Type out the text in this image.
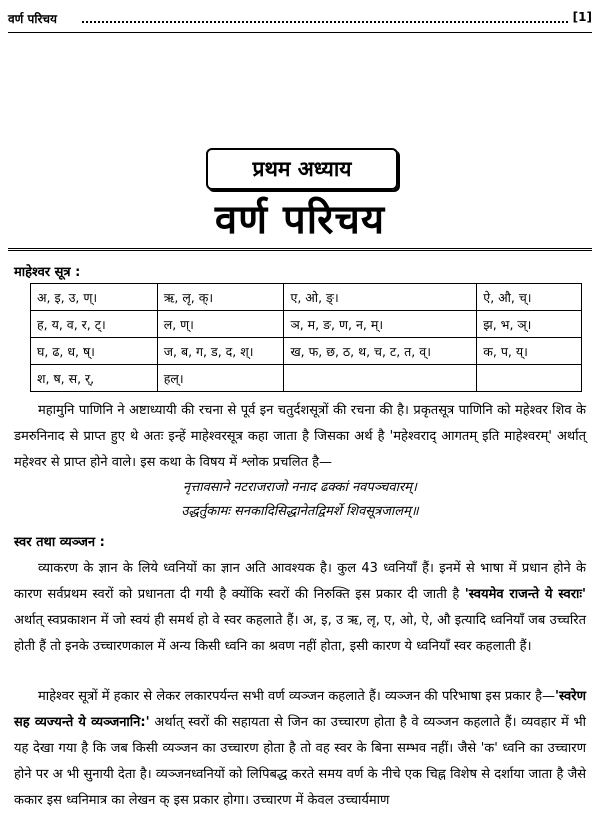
वर्ण परिचय	[1]
प्रथम अध्याय
वर्ण परिचय
माहेश्वर सूत्र :
अ, इ, उ, ण्।	ऋ, लृ, क्।	ए, ओ, ङ्।	ऐ, औ, च्।
ह, य, व, र, ट्।	ल, ण्।	ञ, म, ङ, ण, न, म्।	झ, भ, ञ्।
घ, ढ, ध, ष्।	ज, ब, ग, ड, द, श्।	ख, फ, छ, ठ, थ, च, ट, त, व्।	क, प, य्।
श, ष, स, र्,	हल्।		
महामुनि पाणिनि ने अष्टाध्यायी की रचना से पूर्व इन चतुर्दशसूत्रों की रचना की है। प्रकृतसूत्र पाणिनि को महेश्वर शिव के डमरुनिनाद से प्राप्त हुए थे अतः इन्हें माहेश्वरसूत्र कहा जाता है जिसका अर्थ है 'महेश्वराद् आगतम् इति माहेश्वरम्' अर्थात् महेश्वर से प्राप्त होने वाले। इस कथा के विषय में श्लोक प्रचलित है—
नृत्तावसाने नटराजराजो ननाद ढक्कां नवपञ्चवारम्।
उद्धर्तुकामः सनकादिसिद्धानेतद्विमर्शे शिवसूत्रजालम्॥
स्वर तथा व्यञ्जन :
व्याकरण के ज्ञान के लिये ध्वनियों का ज्ञान अति आवश्यक है। कुल 43 ध्वनियाँ हैं। इनमें से भाषा में प्रधान होने के कारण सर्वप्रथम स्वरों को प्रधानता दी गयी है क्योंकि स्वरों की निरुक्ति इस प्रकार दी जाती है 'स्वयमेव राजन्ते ये स्वराः' अर्थात् स्वप्रकाशन में जो स्वयं ही समर्थ हो वे स्वर कहलाते हैं। अ, इ, उ ऋ, लृ, ए, ओ, ऐ, औ इत्यादि ध्वनियाँ जब उच्चरित होती हैं तो इनके उच्चारणकाल में अन्य किसी ध्वनि का श्रवण नहीं होता, इसी कारण ये ध्वनियाँ स्वर कहलाती हैं।
माहेश्वर सूत्रों में हकार से लेकर लकारपर्यन्त सभी वर्ण व्यञ्जन कहलाते हैं। व्यञ्जन की परिभाषा इस प्रकार है—'स्वरेण सह व्यज्यन्ते ये व्यञ्जनानि:' अर्थात् स्वरों की सहायता से जिन का उच्चारण होता है वे व्यञ्जन कहलाते हैं। व्यवहार में भी यह देखा गया है कि जब किसी व्यञ्जन का उच्चारण होता है तो वह स्वर के बिना सम्भव नहीं। जैसे 'क' ध्वनि का उच्चारण होने पर अ भी सुनायी देता है। व्यञ्जनध्वनियों को लिपिबद्ध करते समय वर्ण के नीचे एक चिह्न विशेष से दर्शाया जाता है जैसे ककार इस ध्वनिमात्र का लेखन क् इस प्रकार होगा। उच्चारण में केवल उच्चार्यमाण
